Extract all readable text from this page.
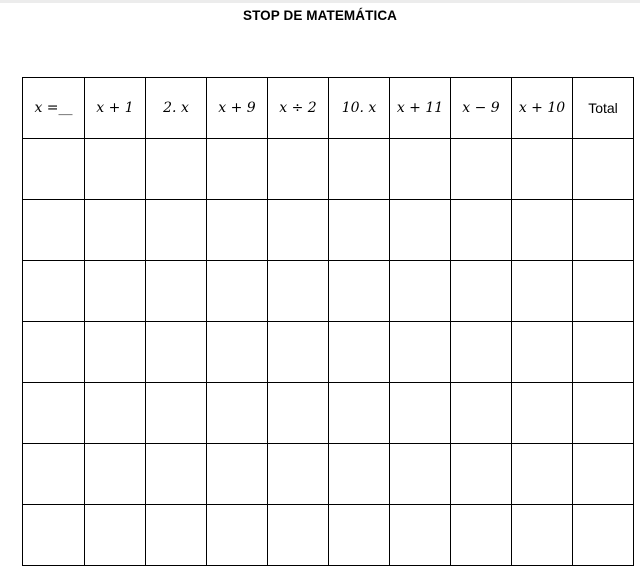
STOP DE MATEMÁTICA
x =__	x + 1	2. x	x + 9	x ÷ 2	10. x	x + 11	x − 9	x + 10	Total
